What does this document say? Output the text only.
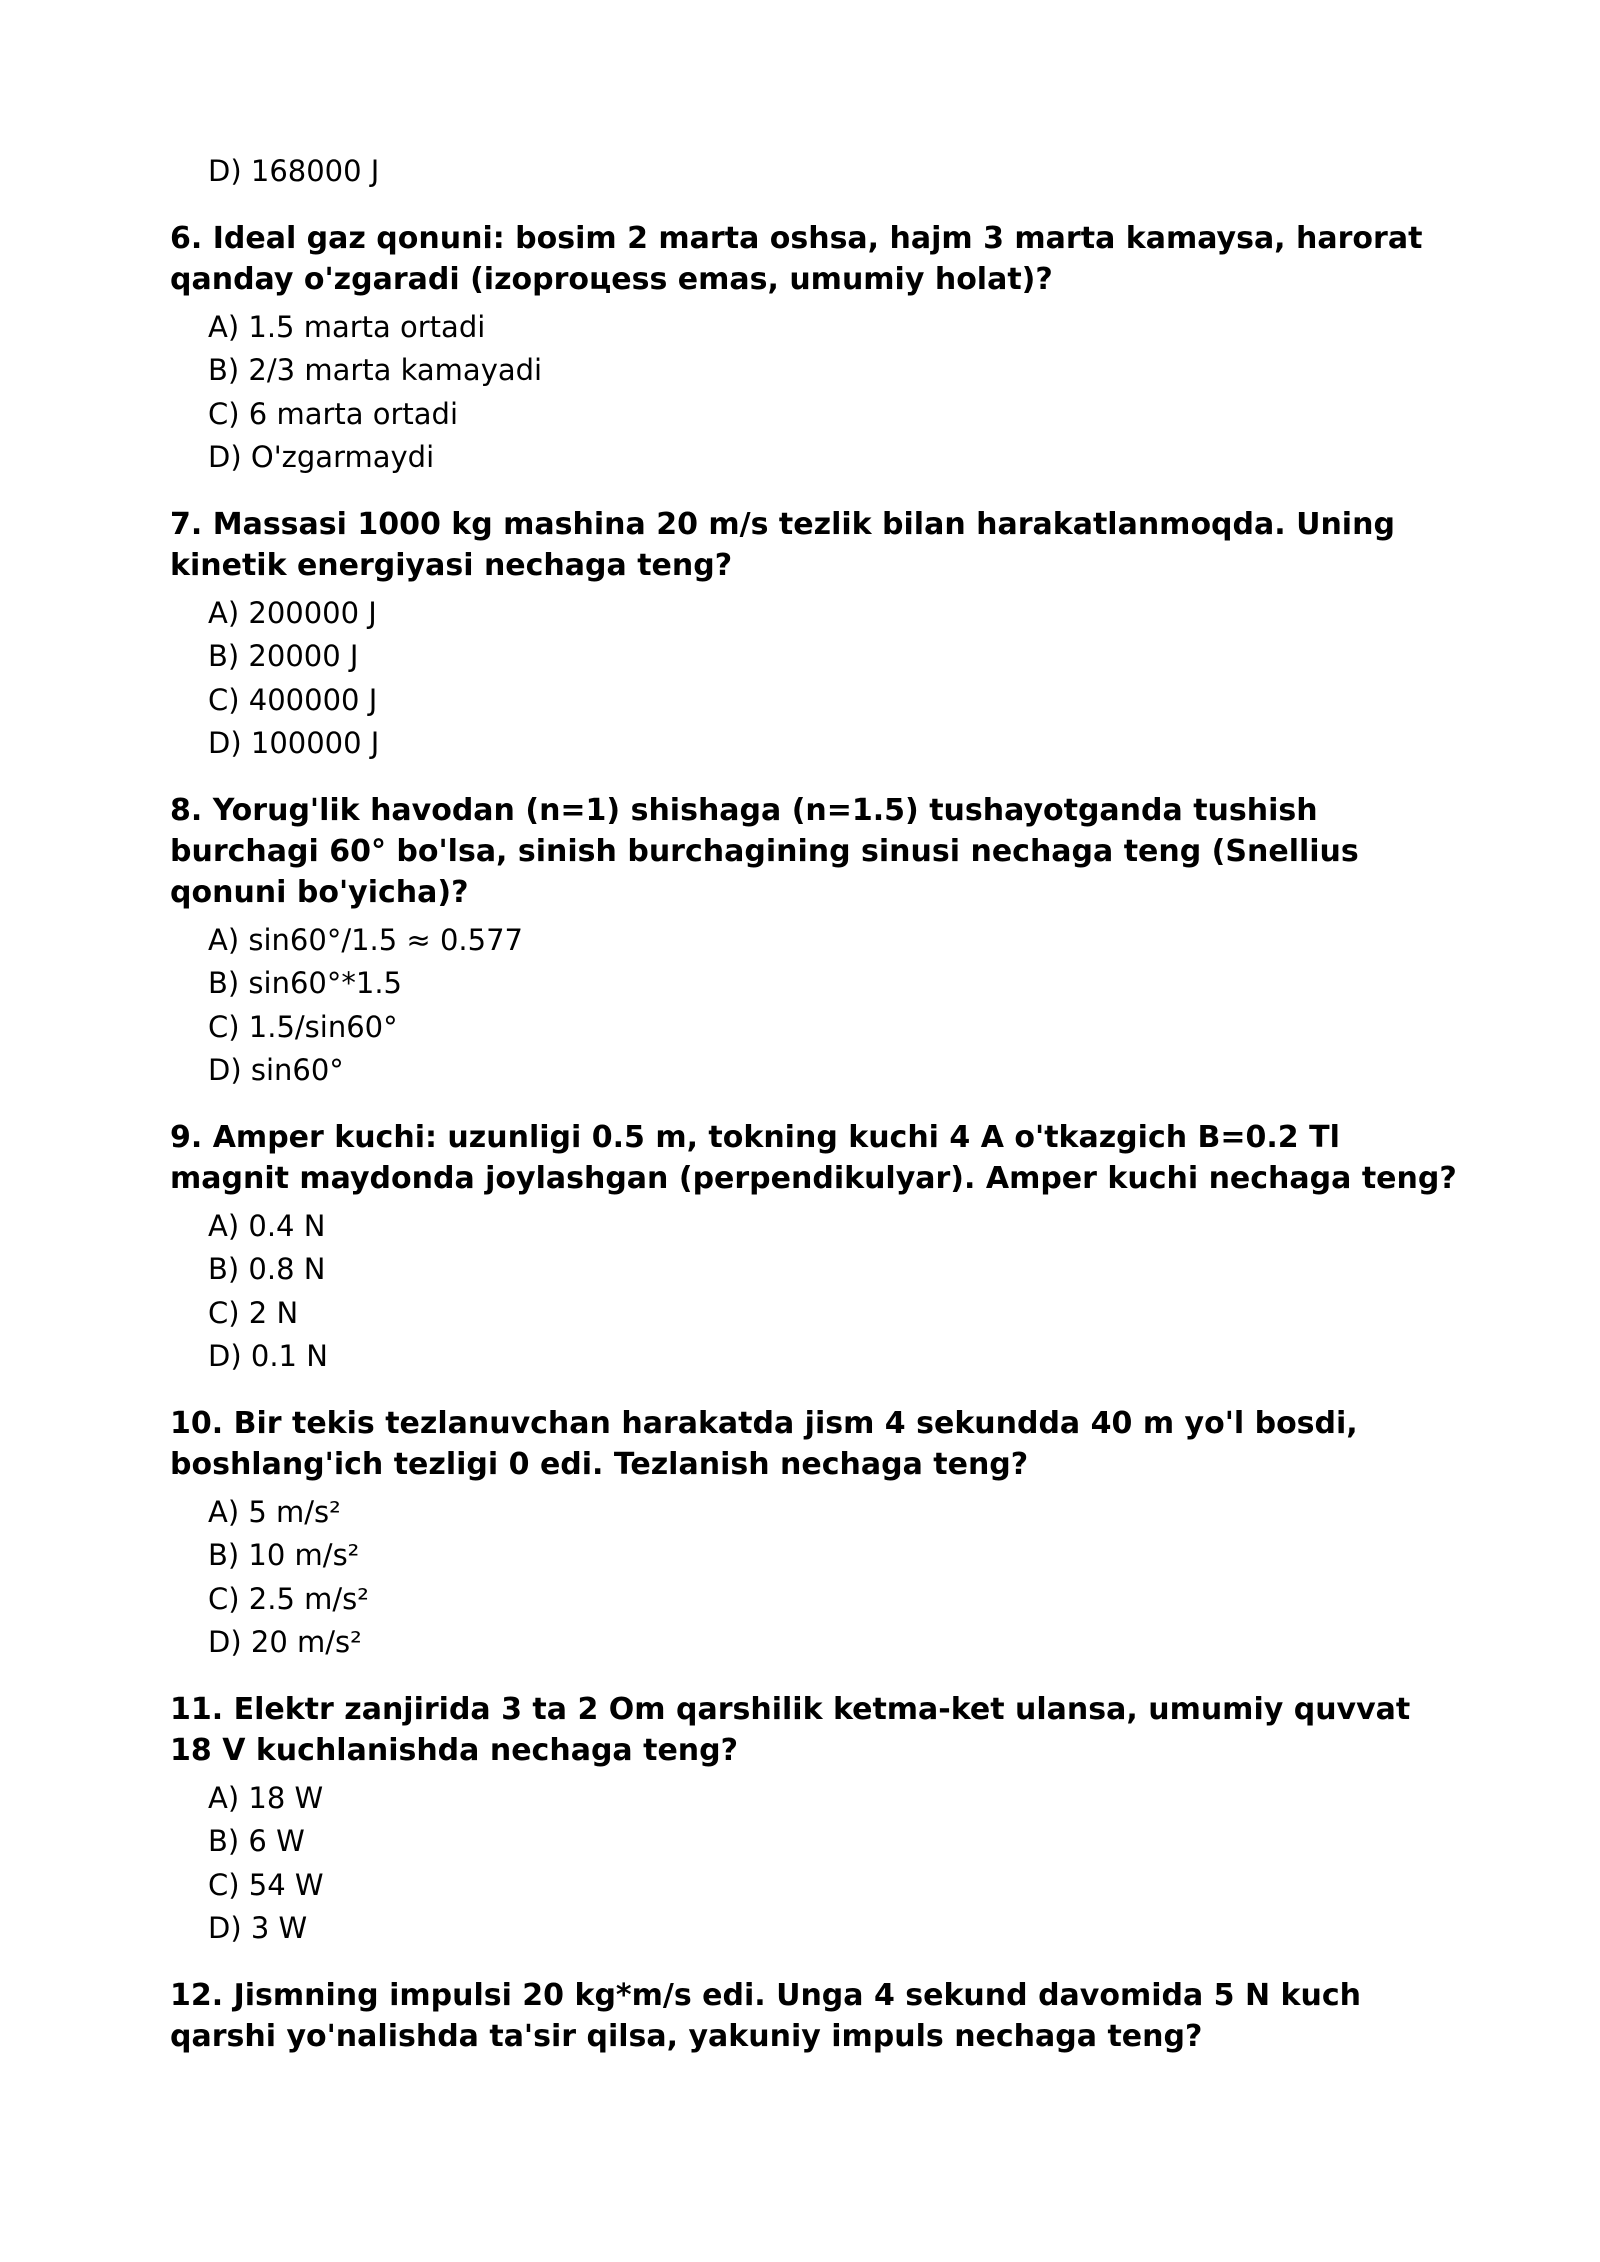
D) 168000 J
6. Ideal gaz qonuni: bosim 2 marta oshsa, hajm 3 marta kamaysa, harorat qanday o'zgaradi (izoprоцess emas, umumiy holat)?
A) 1.5 marta ortadi
B) 2/3 marta kamayadi
C) 6 marta ortadi
D) O'zgarmaydi
7. Massasi 1000 kg mashina 20 m/s tezlik bilan harakatlanmoqda. Uning kinetik energiyasi nechaga teng?
A) 200000 J
B) 20000 J
C) 400000 J
D) 100000 J
8. Yorug'lik havodan (n=1) shishaga (n=1.5) tushayotganda tushish burchagi 60° bo'lsa, sinish burchagining sinusi nechaga teng (Snellius qonuni bo'yicha)?
A) sin60°/1.5 ≈ 0.577
B) sin60°*1.5
C) 1.5/sin60°
D) sin60°
9. Amper kuchi: uzunligi 0.5 m, tokning kuchi 4 A o'tkazgich B=0.2 Tl magnit maydonda joylashgan (perpendikulyar). Amper kuchi nechaga teng?
A) 0.4 N
B) 0.8 N
C) 2 N
D) 0.1 N
10. Bir tekis tezlanuvchan harakatda jism 4 sekundda 40 m yo'l bosdi, boshlang'ich tezligi 0 edi. Tezlanish nechaga teng?
A) 5 m/s²
B) 10 m/s²
C) 2.5 m/s²
D) 20 m/s²
11. Elektr zanjirida 3 ta 2 Om qarshilik ketma-ket ulansa, umumiy quvvat 18 V kuchlanishda nechaga teng?
A) 18 W
B) 6 W
C) 54 W
D) 3 W
12. Jismning impulsi 20 kg*m/s edi. Unga 4 sekund davomida 5 N kuch qarshi yo'nalishda ta'sir qilsa, yakuniy impuls nechaga teng?
